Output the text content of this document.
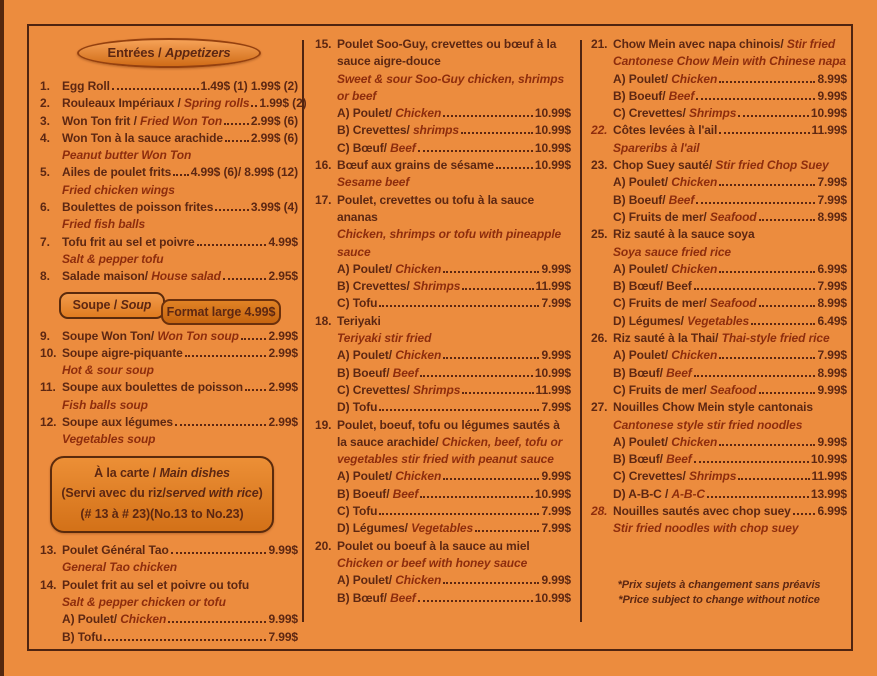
Entrées / Appetizers
1.	Egg Roll	1.49$ (1) 1.99$ (2)
2.	Rouleaux Impériaux / Spring rolls 1.99$ (2)
3.	Won Ton frit / Fried Won Ton 2.99$ (6)
4.	Won Ton à la sauce arachide 2.99$ (6)
Peanut butter Won Ton
5.	Ailes de poulet frits 4.99$ (6)/ 8.99$ (12)
Fried chicken wings
6.	Boulettes de poisson frites	3.99$ (4)
Fried fish balls
7.	Tofu frit au sel et poivre	4.99$
Salt & pepper tofu
8.	Salade maison/ House salad	2.95$
Soupe / Soup	Format large 4.99$
9.	Soupe Won Ton/ Won Ton soup 2.99$
10. Soupe aigre-piquante	2.99$
Hot & sour soup
11. Soupe aux boulettes de poisson 2.99$
Fish balls soup
12. Soupe aux légumes	2.99$
Vegetables soup
À la carte / Main dishes
(Servi avec du riz/served with rice)
(# 13 à # 23)(No.13 to No.23)
13. Poulet Général Tao	9.99$
General Tao chicken
14. Poulet frit au sel et poivre ou tofu
Salt & pepper chicken or tofu
A) Poulet/ Chicken	9.99$
B) Tofu	7.99$
15. Poulet Soo-Guy, crevettes ou bœuf à la sauce aigre-douce
Sweet & sour Soo-Guy chicken, shrimps or beef
A) Poulet/ Chicken	10.99$
B) Crevettes/ shrimps	10.99$
C) Bœuf/ Beef	10.99$
16. Bœuf aux grains de sésame	10.99$
Sesame beef
17. Poulet, crevettes ou tofu à la sauce ananas
Chicken, shrimps or tofu with pineapple sauce
A) Poulet/ Chicken	9.99$
B) Crevettes/ Shrimps	11.99$
C) Tofu	7.99$
18. Teriyaki
Teriyaki stir fried
A) Poulet/ Chicken	9.99$
B) Boeuf/ Beef	10.99$
C) Crevettes/ Shrimps	11.99$
D) Tofu	7.99$
19. Poulet, boeuf, tofu ou légumes sautés à la sauce arachide/ Chicken, beef, tofu or vegetables stir fried with peanut sauce
A) Poulet/ Chicken	9.99$
B) Boeuf/ Beef	10.99$
C) Tofu	7.99$
D) Légumes/ Vegetables	7.99$
20. Poulet ou boeuf à la sauce au miel
Chicken or beef with honey sauce
A) Poulet/ Chicken	9.99$
B) Bœuf/ Beef	10.99$
21. Chow Mein avec napa chinois/ Stir fried Cantonese Chow Mein with Chinese napa
A) Poulet/ Chicken	8.99$
B) Boeuf/ Beef	9.99$
C) Crevettes/ Shrimps	10.99$
22. Côtes levées à l'ail	11.99$
Spareribs à l'ail
23. Chop Suey sauté/ Stir fried Chop Suey
A) Poulet/ Chicken	7.99$
B) Boeuf/ Beef	7.99$
C) Fruits de mer/ Seafood	8.99$
25. Riz sauté à la sauce soya
Soya sauce fried rice
A) Poulet/ Chicken	6.99$
B) Bœuf/ Beef	7.99$
C) Fruits de mer/ Seafood	8.99$
D) Légumes/ Vegetables	6.49$
26. Riz sauté à la Thai/ Thai-style fried rice
A) Poulet/ Chicken	7.99$
B) Bœuf/ Beef	8.99$
C) Fruits de mer/ Seafood	9.99$
27. Nouilles Chow Mein style cantonais
Cantonese style stir fried noodles
A) Poulet/ Chicken	9.99$
B) Bœuf/ Beef	10.99$
C) Crevettes/ Shrimps	11.99$
D) A-B-C / A-B-C	13.99$
28. Nouilles sautés avec chop suey 6.99$
Stir fried noodles with chop suey
*Prix sujets à changement sans préavis
*Price subject to change without notice
